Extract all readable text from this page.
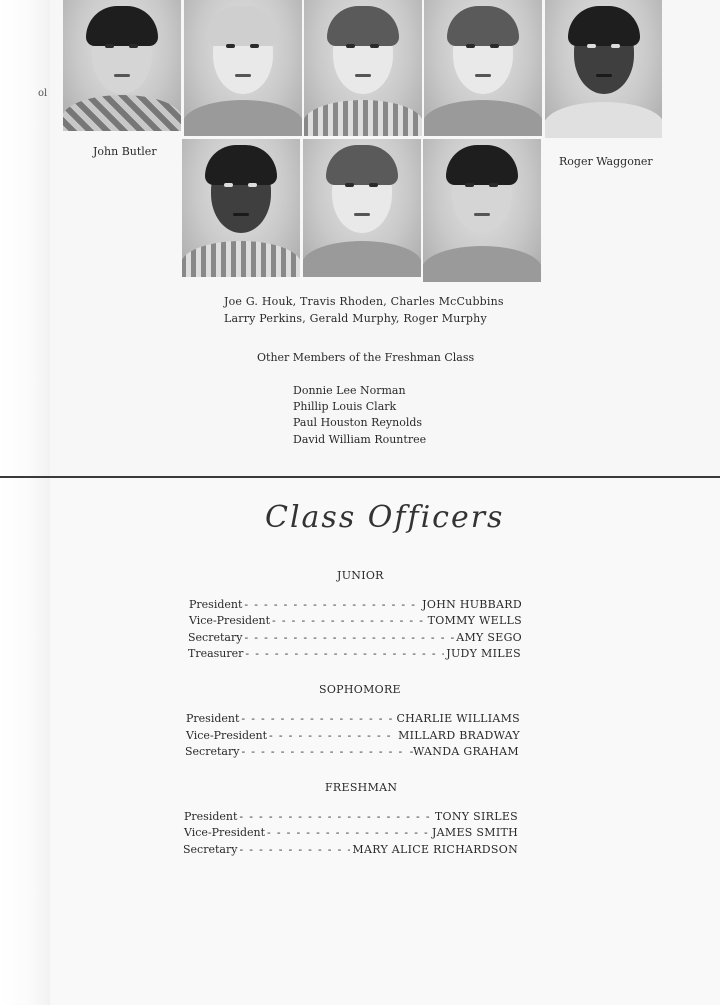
ol
John Butler
Roger Waggoner
Joe G. Houk, Travis Rhoden, Charles McCubbins
Larry Perkins, Gerald Murphy, Roger Murphy
Other Members of the Freshman Class
Donnie Lee Norman
Phillip Louis Clark
Paul Houston Reynolds
David William Rountree
Class Officers
JUNIOR
President - - -	JOHN HUBBARD
Vice-President - - -	TOMMY WELLS
Secretary - - -	AMY SEGO
Treasurer - - -	JUDY MILES
SOPHOMORE
President - - -	CHARLIE WILLIAMS
Vice-President - - -	MILLARD BRADWAY
Secretary - - -	-WANDA GRAHAM
FRESHMAN
President - - -	TONY SIRLES
Vice-President - - -	JAMES SMITH
Secretary - - -	MARY ALICE RICHARDSON
